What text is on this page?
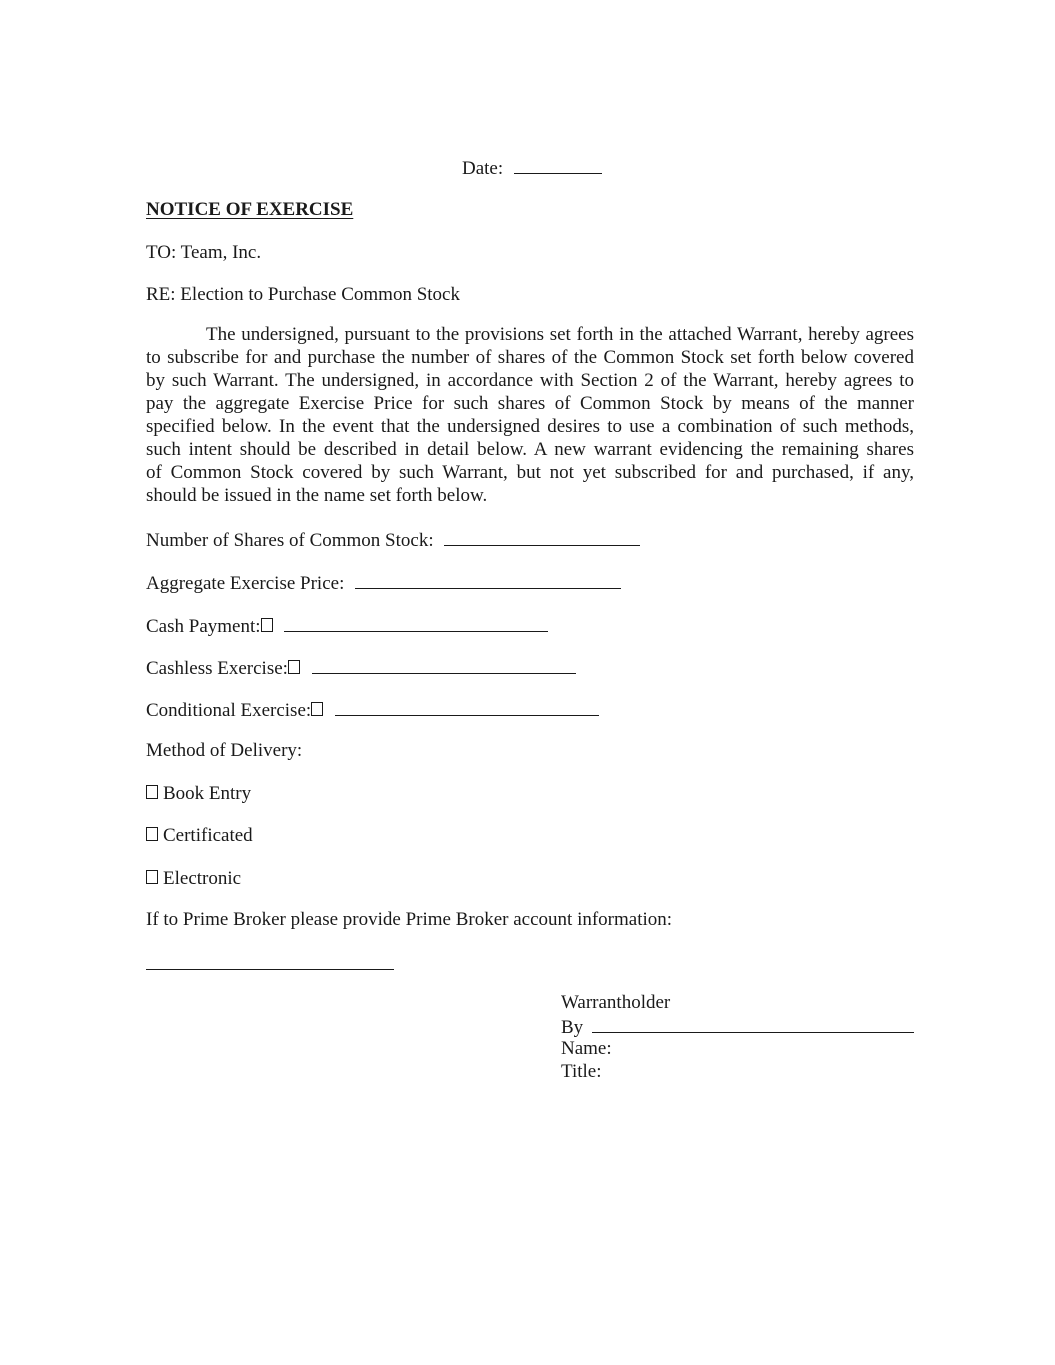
Date:
NOTICE OF EXERCISE
TO: Team, Inc.
RE: Election to Purchase Common Stock
The undersigned, pursuant to the provisions set forth in the attached Warrant, hereby agrees
to subscribe for and purchase the number of shares of the Common Stock set forth below covered
by such Warrant. The undersigned, in accordance with Section 2 of the Warrant, hereby agrees to
pay the aggregate Exercise Price for such shares of Common Stock by means of the manner
specified below. In the event that the undersigned desires to use a combination of such methods,
such intent should be described in detail below. A new warrant evidencing the remaining shares
of Common Stock covered by such Warrant, but not yet subscribed for and purchased, if any,
should be issued in the name set forth below.
Number of Shares of Common Stock:
Aggregate Exercise Price:
Cash Payment:
Cashless Exercise:
Conditional Exercise:
Method of Delivery:
Book Entry
Certificated
Electronic
If to Prime Broker please provide Prime Broker account information:
Warrantholder
By
Name:
Title:
